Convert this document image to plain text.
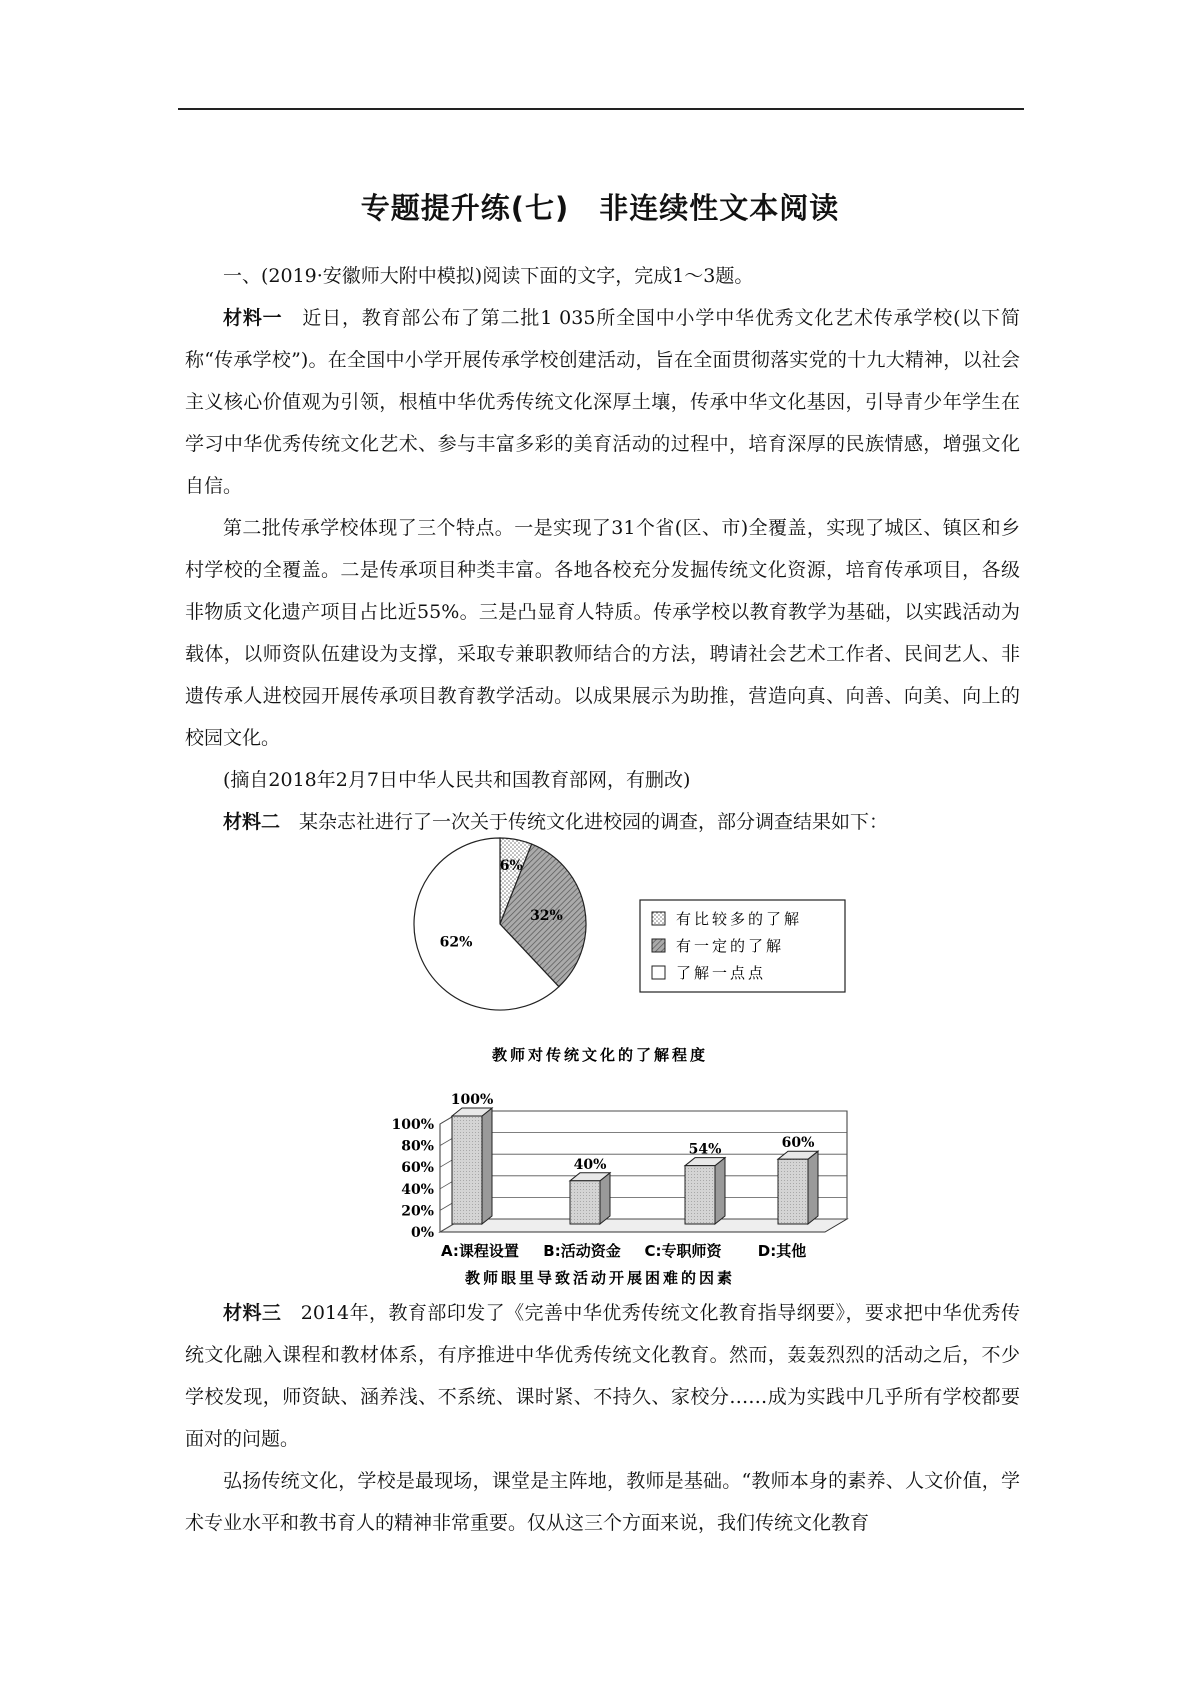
专题提升练(七)　非连续性文本阅读

一、(2019·安徽师大附中模拟)阅读下面的文字，完成1～3题。

材料一　 近日，教育部公布了第二批1 035所全国中小学中华优秀文化艺术传承学校(以下简称“传承学校”)。在全国中小学开展传承学校创建活动，旨在全面贯彻落实党的十九大精神，以社会主义核心价值观为引领，根植中华优秀传统文化深厚土壤，传承中华文化基因，引导青少年学生在学习中华优秀传统文化艺术、参与丰富多彩的美育活动的过程中，培育深厚的民族情感，增强文化自信。

第二批传承学校体现了三个特点。一是实现了31个省(区、市)全覆盖，实现了城区、镇区和乡村学校的全覆盖。二是传承项目种类丰富。各地各校充分发掘传统文化资源，培育传承项目，各级非物质文化遗产项目占比近55%。三是凸显育人特质。传承学校以教育教学为基础，以实践活动为载体，以师资队伍建设为支撑，采取专兼职教师结合的方法，聘请社会艺术工作者、民间艺人、非遗传承人进校园开展传承项目教育教学活动。以成果展示为助推，营造向真、向善、向美、向上的校园文化。

(摘自2018年2月7日中华人民共和国教育部网，有删改)

材料二　 某杂志社进行了一次关于传统文化进校园的调查，部分调查结果如下：

6%
32%
62%
有比较多的了解
有一定的了解
了解一点点
教师对传统文化的了解程度
100%
80%
60%
40%
20%
0%
100%
40%
54%	60%
A:课程设置 B:活动资金 C:专职师资 D:其他
教师眼里导致活动开展困难的因素

材料三　 2014年，教育部印发了《完善中华优秀传统文化教育指导纲要》，要求把中华优秀传统文化融入课程和教材体系，有序推进中华优秀传统文化教育。然而，轰轰烈烈的活动之后，不少学校发现，师资缺、涵养浅、不系统、课时紧、不持久、家校分……成为实践中几乎所有学校都要面对的问题。

弘扬传统文化，学校是最现场，课堂是主阵地，教师是基础。“教师本身的素养、人文价值，学术专业水平和教书育人的精神非常重要。仅从这三个方面来说，我们传统文化教育
